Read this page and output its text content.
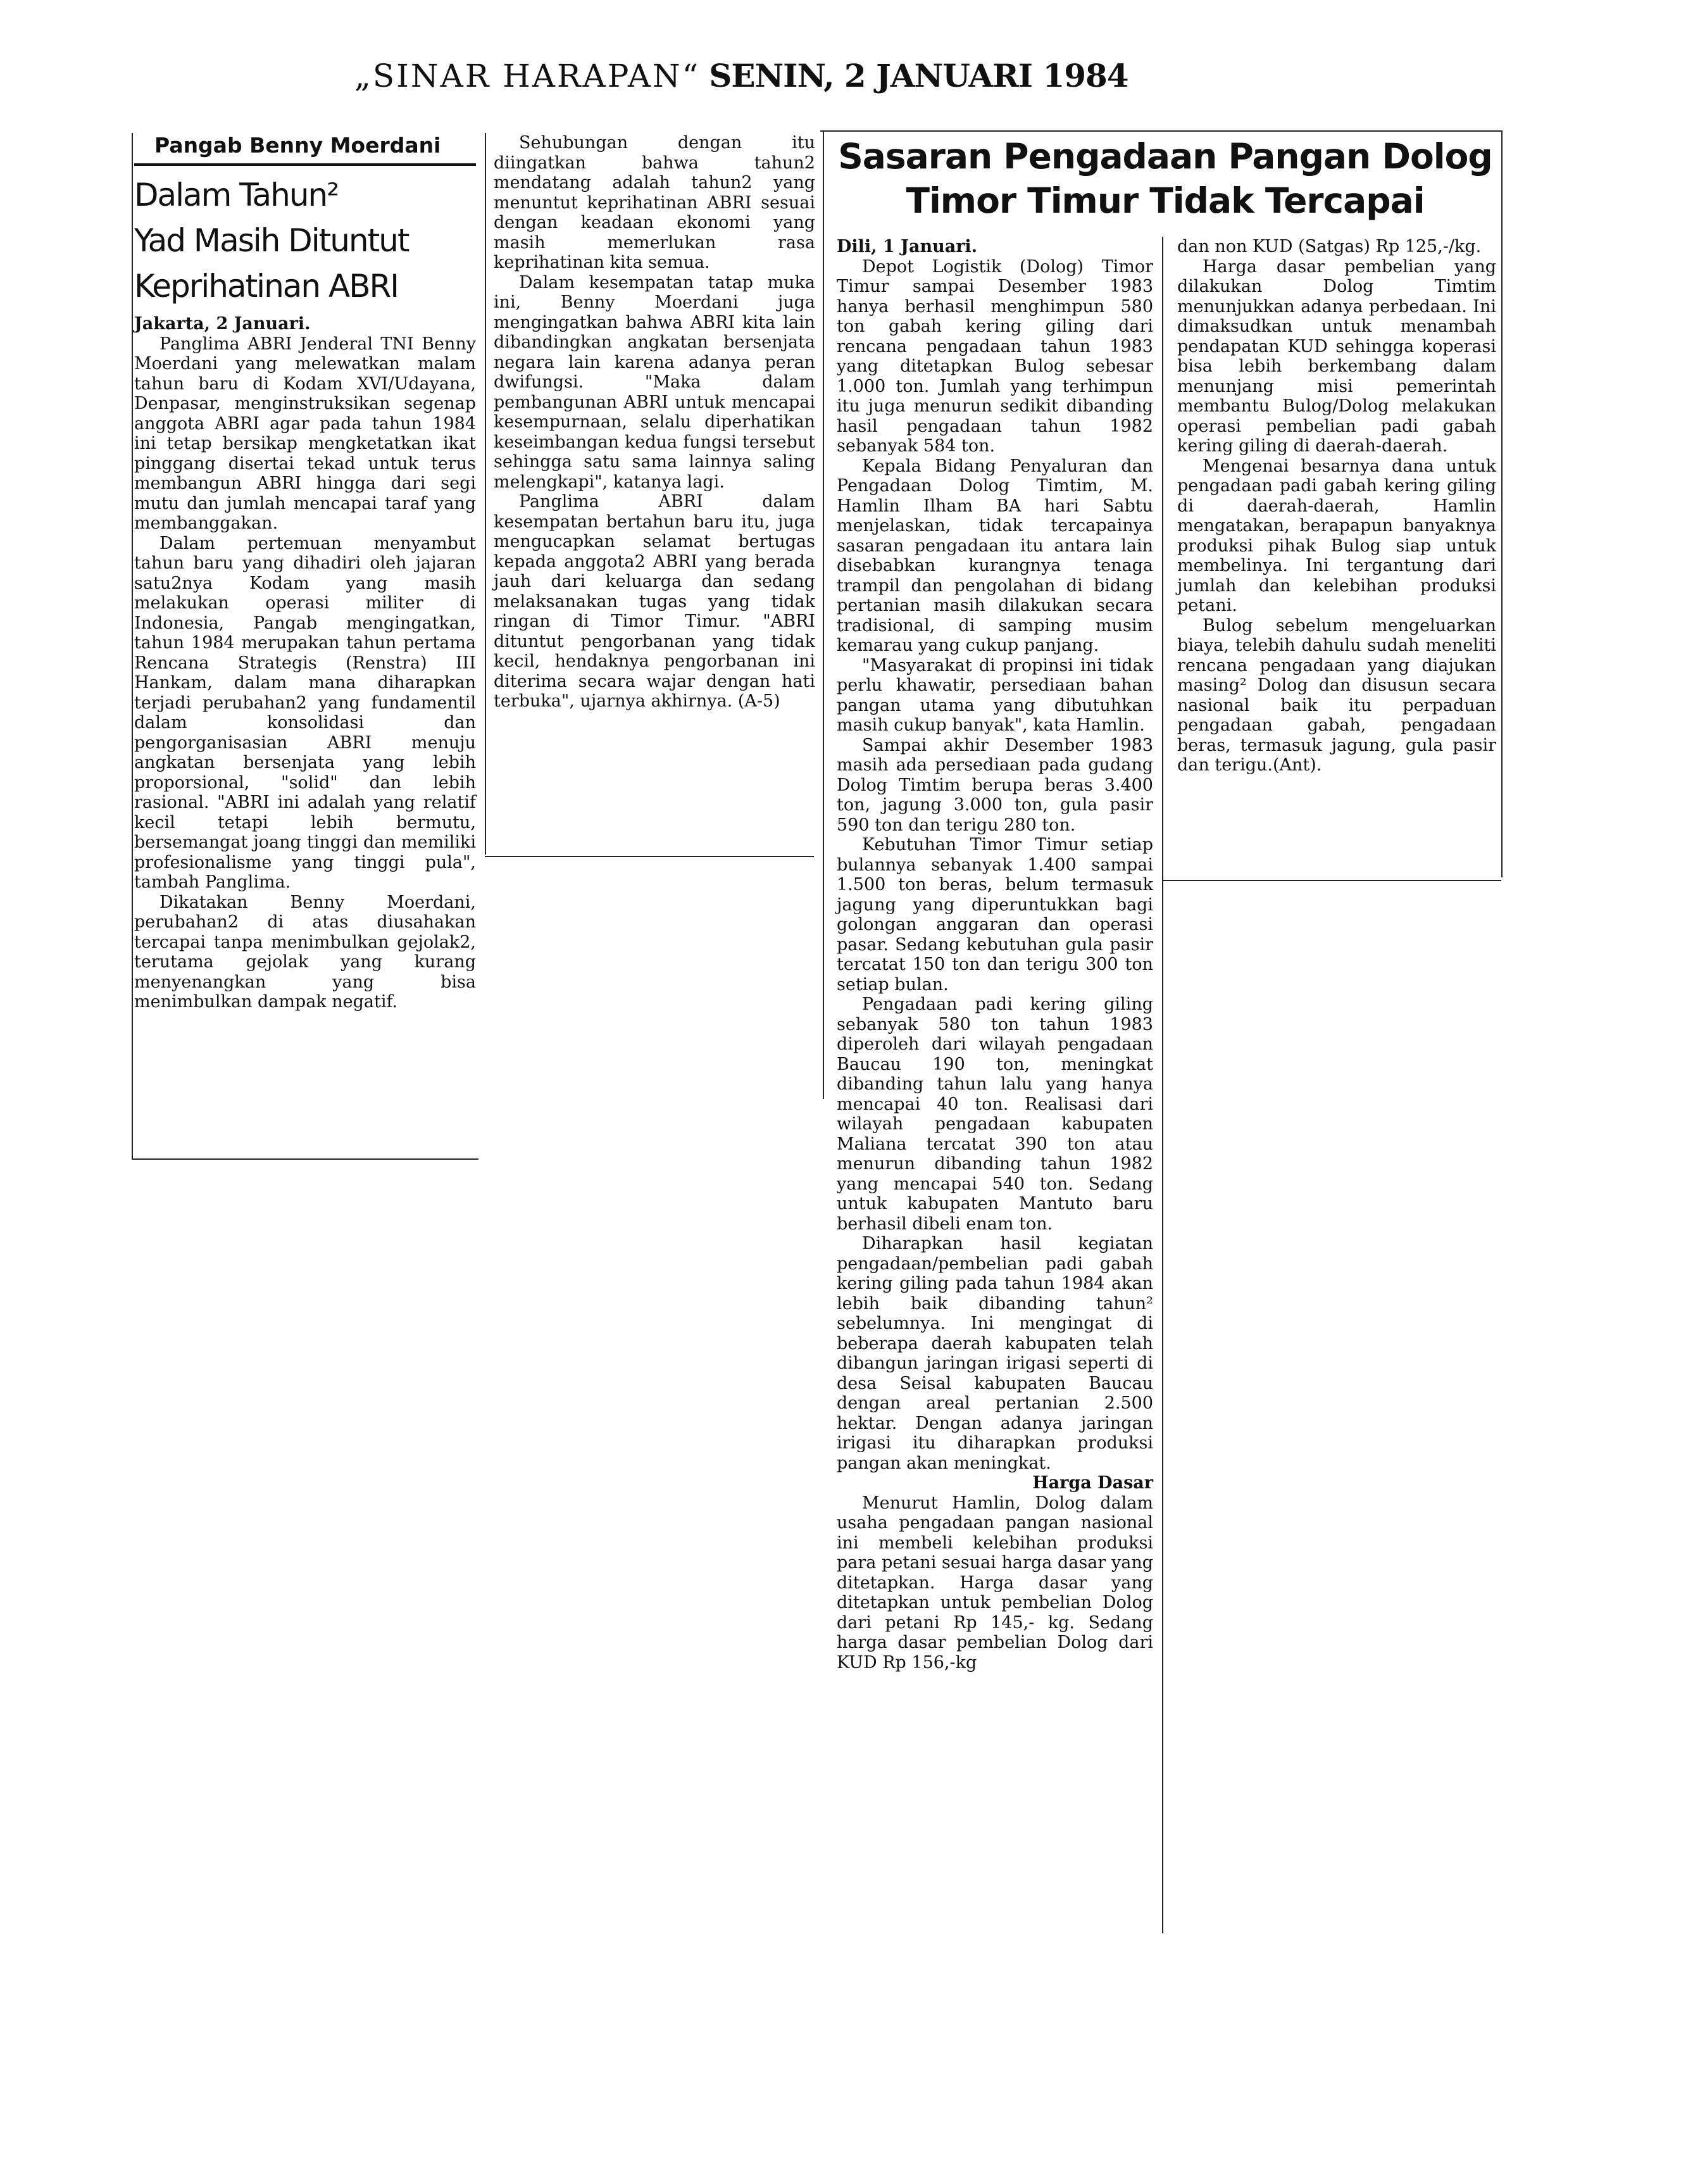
„SINAR HARAPAN“ SENIN, 2 JANUARI 1984
Pangab Benny Moerdani
Dalam Tahun²
Yad Masih Dituntut
Keprihatinan ABRI

Jakarta, 2 Januari.

Panglima ABRI Jenderal TNI Benny Moerdani yang melewatkan malam tahun baru di Kodam XVI/Udayana, Denpasar, menginstruksikan segenap anggota ABRI agar pada tahun 1984 ini tetap bersikap mengketatkan ikat pinggang disertai tekad untuk terus membangun ABRI hingga dari segi mutu dan jumlah mencapai taraf yang membanggakan.

Dalam pertemuan menyambut tahun baru yang dihadiri oleh jajaran satu2nya Kodam yang masih melakukan operasi militer di Indonesia, Pangab mengingatkan, tahun 1984 merupakan tahun pertama Rencana Strategis (Renstra) III Hankam, dalam mana diharapkan terjadi perubahan2 yang fundamentil dalam konsolidasi dan pengorganisasian ABRI menuju angkatan bersenjata yang lebih proporsional, "solid" dan lebih rasional. "ABRI ini adalah yang relatif kecil tetapi lebih bermutu, bersemangat joang tinggi dan memiliki profesionalisme yang tinggi pula", tambah Panglima.

Dikatakan Benny Moerdani, perubahan2 di atas diusahakan tercapai tanpa menimbulkan gejolak2, terutama gejolak yang kurang menyenangkan yang bisa menimbulkan dampak negatif.

Sehubungan dengan itu diingatkan bahwa tahun2 mendatang adalah tahun2 yang menuntut keprihatinan ABRI sesuai dengan keadaan ekonomi yang masih memerlukan rasa keprihatinan kita semua.

Dalam kesempatan tatap muka ini, Benny Moerdani juga mengingatkan bahwa ABRI kita lain dibandingkan angkatan bersenjata negara lain karena adanya peran dwifungsi. "Maka dalam pembangunan ABRI untuk mencapai kesempurnaan, selalu diperhatikan keseimbangan kedua fungsi tersebut sehingga satu sama lainnya saling melengkapi", katanya lagi.

Panglima ABRI dalam kesempatan bertahun baru itu, juga mengucapkan selamat bertugas kepada anggota2 ABRI yang berada jauh dari keluarga dan sedang melaksanakan tugas yang tidak ringan di Timor Timur. "ABRI dituntut pengorbanan yang tidak kecil, hendaknya pengorbanan ini diterima secara wajar dengan hati terbuka", ujarnya akhirnya. (A-5)

Sasaran Pengadaan Pangan Dolog
Timor Timur Tidak Tercapai

Dili, 1 Januari.

Depot Logistik (Dolog) Timor Timur sampai Desember 1983 hanya berhasil menghimpun 580 ton gabah kering giling dari rencana pengadaan tahun 1983 yang ditetapkan Bulog sebesar 1.000 ton. Jumlah yang terhimpun itu juga menurun sedikit dibanding hasil pengadaan tahun 1982 sebanyak 584 ton.

Kepala Bidang Penyaluran dan Pengadaan Dolog Timtim, M. Hamlin Ilham BA hari Sabtu menjelaskan, tidak tercapainya sasaran pengadaan itu antara lain disebabkan kurangnya tenaga trampil dan pengolahan di bidang pertanian masih dilakukan secara tradisional, di samping musim kemarau yang cukup panjang.

"Masyarakat di propinsi ini tidak perlu khawatir, persediaan bahan pangan utama yang dibutuhkan masih cukup banyak", kata Hamlin.

Sampai akhir Desember 1983 masih ada persediaan pada gudang Dolog Timtim berupa beras 3.400 ton, jagung 3.000 ton, gula pasir 590 ton dan terigu 280 ton.

Kebutuhan Timor Timur setiap bulannya sebanyak 1.400 sampai 1.500 ton beras, belum termasuk jagung yang diperuntukkan bagi golongan anggaran dan operasi pasar. Sedang kebutuhan gula pasir tercatat 150 ton dan terigu 300 ton setiap bulan.

Pengadaan padi kering giling sebanyak 580 ton tahun 1983 diperoleh dari wilayah pengadaan Baucau 190 ton, meningkat dibanding tahun lalu yang hanya mencapai 40 ton. Realisasi dari wilayah pengadaan kabupaten Maliana tercatat 390 ton atau menurun dibanding tahun 1982 yang mencapai 540 ton. Sedang untuk kabupaten Mantuto baru berhasil dibeli enam ton.

Diharapkan hasil kegiatan pengadaan/pembelian padi gabah kering giling pada tahun 1984 akan lebih baik dibanding tahun² sebelumnya. Ini mengingat di beberapa daerah kabupaten telah dibangun jaringan irigasi seperti di desa Seisal kabupaten Baucau dengan areal pertanian 2.500 hektar. Dengan adanya jaringan irigasi itu diharapkan produksi pangan akan meningkat.

Harga Dasar

Menurut Hamlin, Dolog dalam usaha pengadaan pangan nasional ini membeli kelebihan produksi para petani sesuai harga dasar yang ditetapkan. Harga dasar yang ditetapkan untuk pembelian Dolog dari petani Rp 145,- kg. Sedang harga dasar pembelian Dolog dari KUD Rp 156,-kg

dan non KUD (Satgas) Rp 125,-/kg.

Harga dasar pembelian yang dilakukan Dolog Timtim menunjukkan adanya perbedaan. Ini dimaksudkan untuk menambah pendapatan KUD sehingga koperasi bisa lebih berkembang dalam menunjang misi pemerintah membantu Bulog/Dolog melakukan operasi pembelian padi gabah kering giling di daerah-daerah.

Mengenai besarnya dana untuk pengadaan padi gabah kering giling di daerah-daerah, Hamlin mengatakan, berapapun banyaknya produksi pihak Bulog siap untuk membelinya. Ini tergantung dari jumlah dan kelebihan produksi petani.

Bulog sebelum mengeluarkan biaya, telebih dahulu sudah meneliti rencana pengadaan yang diajukan masing² Dolog dan disusun secara nasional baik itu perpaduan pengadaan gabah, pengadaan beras, termasuk jagung, gula pasir dan terigu.(Ant).
